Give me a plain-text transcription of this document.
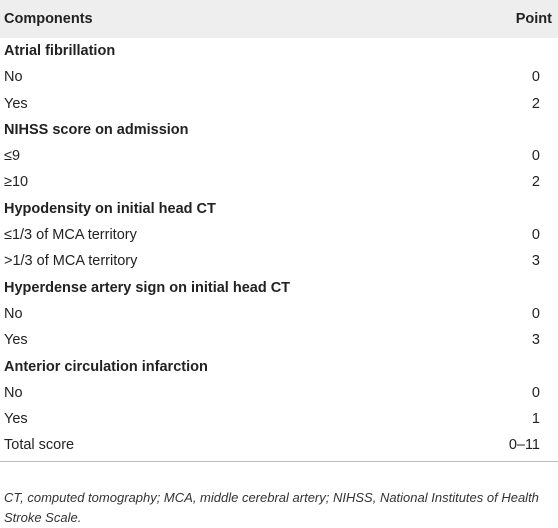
Components	Point
Atrial fibrillation
No	0
Yes	2
NIHSS score on admission
≤9	0
≥10	2
Hypodensity on initial head CT
≤1/3 of MCA territory	0
>1/3 of MCA territory	3
Hyperdense artery sign on initial head CT
No	0
Yes	3
Anterior circulation infarction
No	0
Yes	1
Total score	0–11
CT, computed tomography; MCA, middle cerebral artery; NIHSS, National Institutes of Health Stroke Scale.
